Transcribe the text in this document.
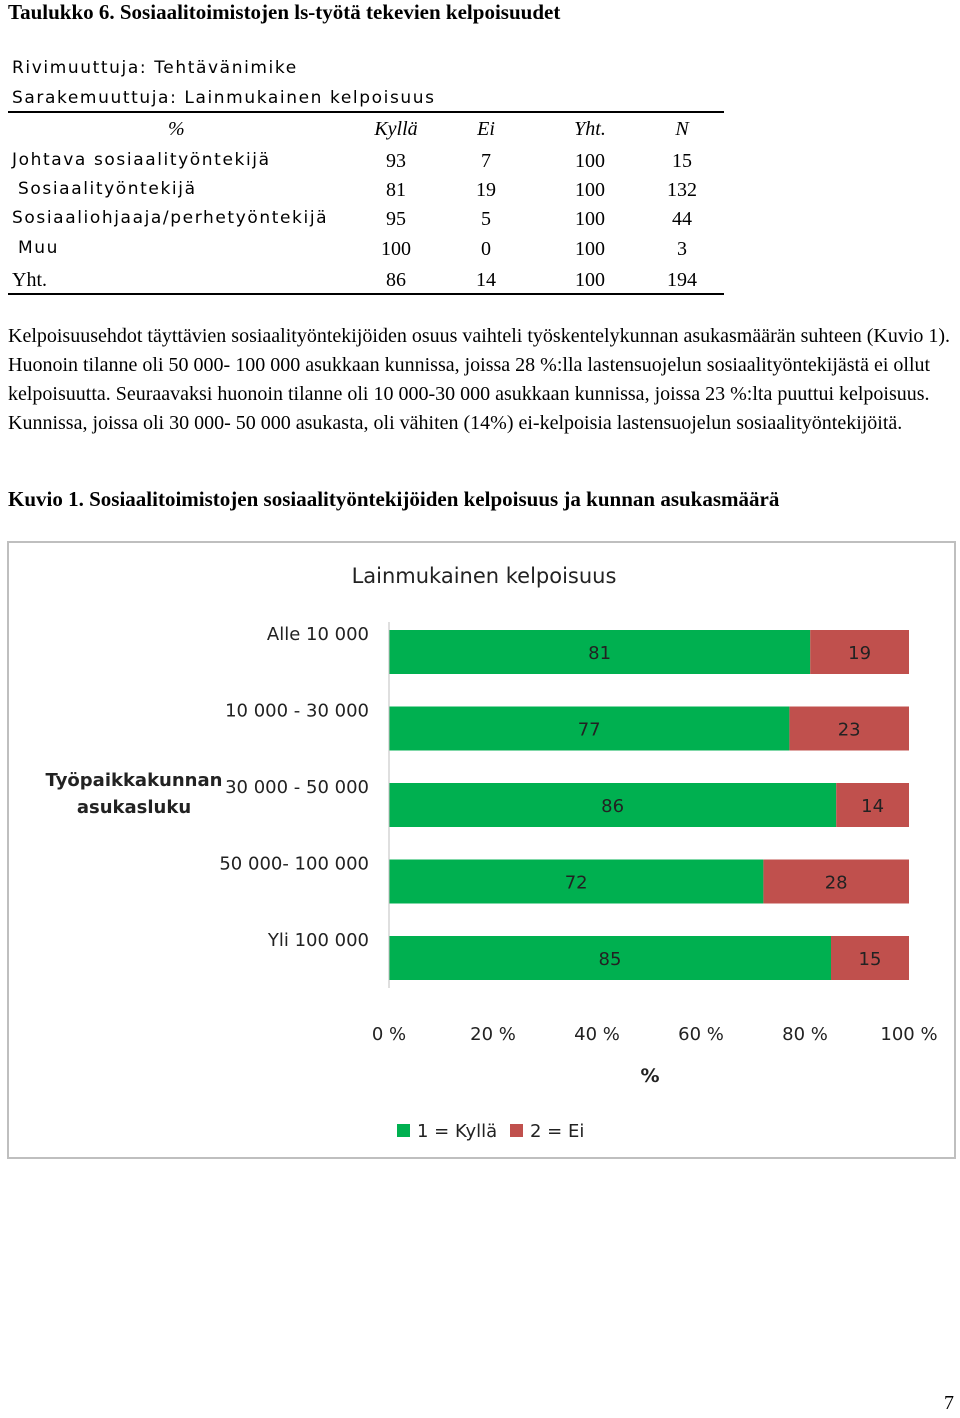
Taulukko 6. Sosiaalitoimistojen ls-työtä tekevien kelpoisuudet
Rivimuuttuja: Tehtävänimike
Sarakemuuttuja: Lainmukainen kelpoisuus
%	Kyllä	Ei	Yht.	N
Johtava sosiaalityöntekijä	93	7	100	15
Sosiaalityöntekijä	81	19	100	132
Sosiaaliohjaaja/perhetyöntekijä	95	5	100	44
Muu	100	0	100	3
Yht.	86	14	100	194
Kelpoisuusehdot täyttävien sosiaalityöntekijöiden osuus vaihteli työskentelykunnan asukasmäärän suhteen (Kuvio 1). Huonoin tilanne oli 50 000- 100 000 asukkaan kunnissa, joissa 28 %:lla lastensuojelun sosiaalityöntekijästä ei ollut kelpoisuutta. Seuraavaksi huonoin tilanne oli 10 000-30 000 asukkaan kunnissa, joissa 23 %:lta puuttui kelpoisuus. Kunnissa, joissa oli 30 000- 50 000 asukasta, oli vähiten (14%) ei-kelpoisia lastensuojelun sosiaalityöntekijöitä.
Kuvio 1. Sosiaalitoimistojen sosiaalityöntekijöiden kelpoisuus ja kunnan asukasmäärä
Lainmukainen kelpoisuus
Työpaikkakunnan
asukasluku
Alle 10 000
81	19
10 000 - 30 000
77	23
30 000 - 50 000
86	14
50 000- 100 000
72	28
Yli 100 000
85	15
0 %	20 %	40 %	60 %	80 %	100 %
%
1 = Kyllä 2 = Ei
7
